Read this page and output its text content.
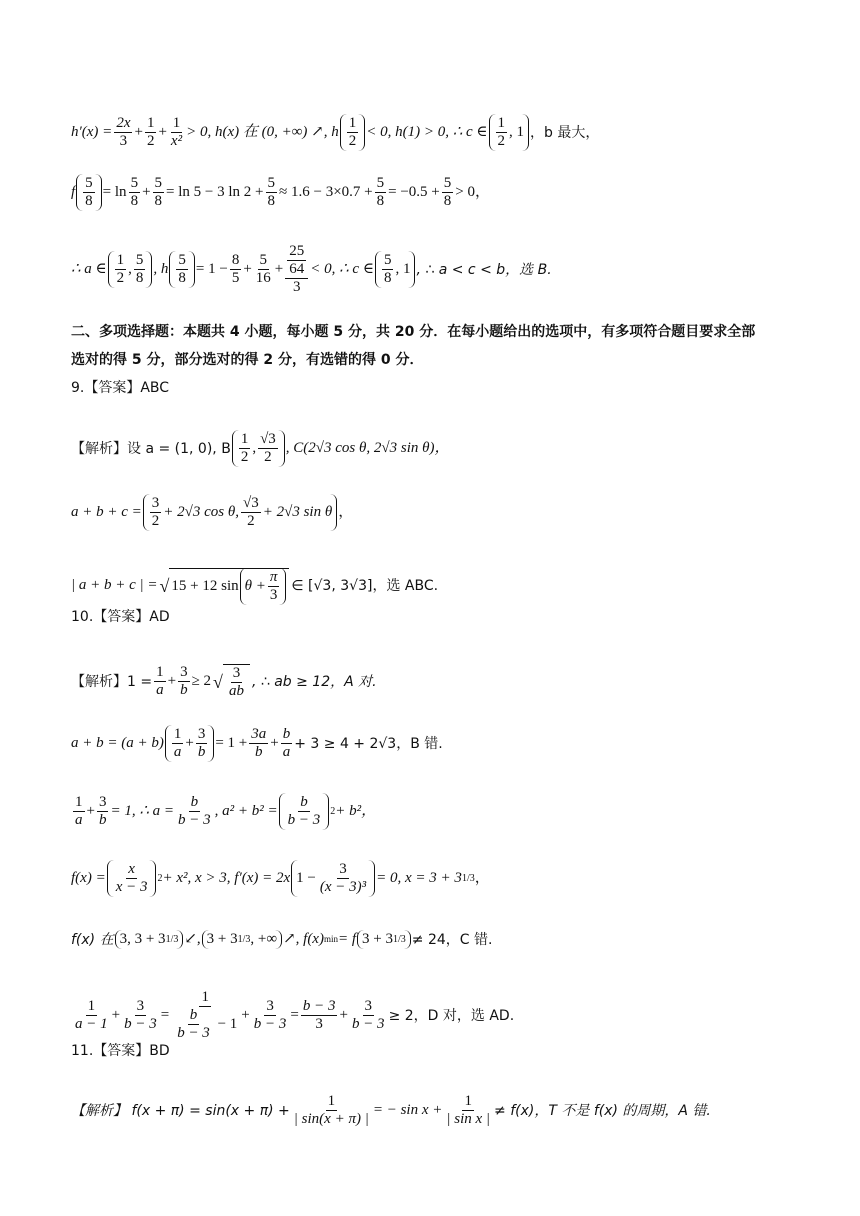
$h'(x) = \frac{2x}{3} + \frac{1}{2} + \frac{1}{\text{x²}} > 0$, h(x) 在 (0, +∞) ↗, h $\frac{1}{2} < 0$, h(1) > 0, ∴ c ∈ $\frac{1}{2}$ , 1 ，b 最大，
f $\frac{5}{8} = \ln \frac{5}{8} + \frac{5}{8} = \ln 5 - 3$ $\ln 2 + \frac{5}{8} \approx 1.6 - 3\times 0.7 + \frac{5}{8} = -0.5 + \frac{5}{8} > 0$，
∴ a ∈ $\frac{1}{2}$ , $\frac{5}{8}$ , h $\frac{5}{8} = 1 - \frac{8}{5} + \frac{5}{16} + 25$
64
3 < 0, ∴ c ∈ $\frac{5}{8}$ , 1 , ∴ a < c < b，选 B.
二、多项选择题：本题共 4 小题，每小题 5 分，共 20 分．在每小题给出的选项中，有多项符合题目要求全部
选对的得 5 分，部分选对的得 2 分，有选错的得 0 分．
9.【答案】ABC
【解析】设 a = (1, 0), B $\frac{1}{2}$ , $\frac{√3}{2}$ , C(2√3 cos θ, 2√3 sin θ)，
$a + b + c = \frac{3}{2} + 2√3$ cos θ, $\frac{√3}{2} + 2√3$ sin θ ，
| a + b + c | = √ 15 + 12 $\sin \theta + \frac{\pi}{3}$ ∈ [√3, 3√3]，选 ABC.
10.【答案】AD
【解析】$1 = \frac{1}{a} + \frac{3}{b} \ge 2$ √ $\frac{3}{ab}$ , ∴ ab ≥ 12，A 对.
$a + b = (a + b) \frac{1}{a} + \frac{3}{b} = 1 + \frac{3a}{b} + \frac{b}{a} + 3 \ge 4 + 2√3$，B 错.
$\frac{1}{a} + \frac{3}{b} = 1$, ∴ $a = \frac{b}{b - 3}$ , $a^2 + b^2 = \frac{b}{b - 3} 2 + b^2$，
$f(x) = \frac{x}{x - 3} 2 + x^2$, x > 3, f′(x) = 2x $1 - \frac{3}{\text{(x − 3)³}} = 0$, x = 3 + 3 1/3 ，
f(x) 在 3, 3 + 3 1/3 ↙, 3 + 3 1/3 , +∞ ↗, f(x) min = f 3 + 3 1/3 ≠ 24，C 错.
$\frac{1}{a - 1} + \frac{3}{b - 3} = \frac{1}{\frac{b}{b - 3} - 1} + \frac{3}{b - 3} = \frac{b - 3}{3} + \frac{3}{b - 3} \ge 2$，D 对，选 AD.
11.【答案】BD
【解析】 $f(x + \pi) = \sin(x + \pi) + \frac{1}{| \sin(x + \pi) |}$ = − $\sin x + \frac{1}{\text{| sin x |}} \ne f(x)$，T 不是 f(x) 的周期，A 错.
